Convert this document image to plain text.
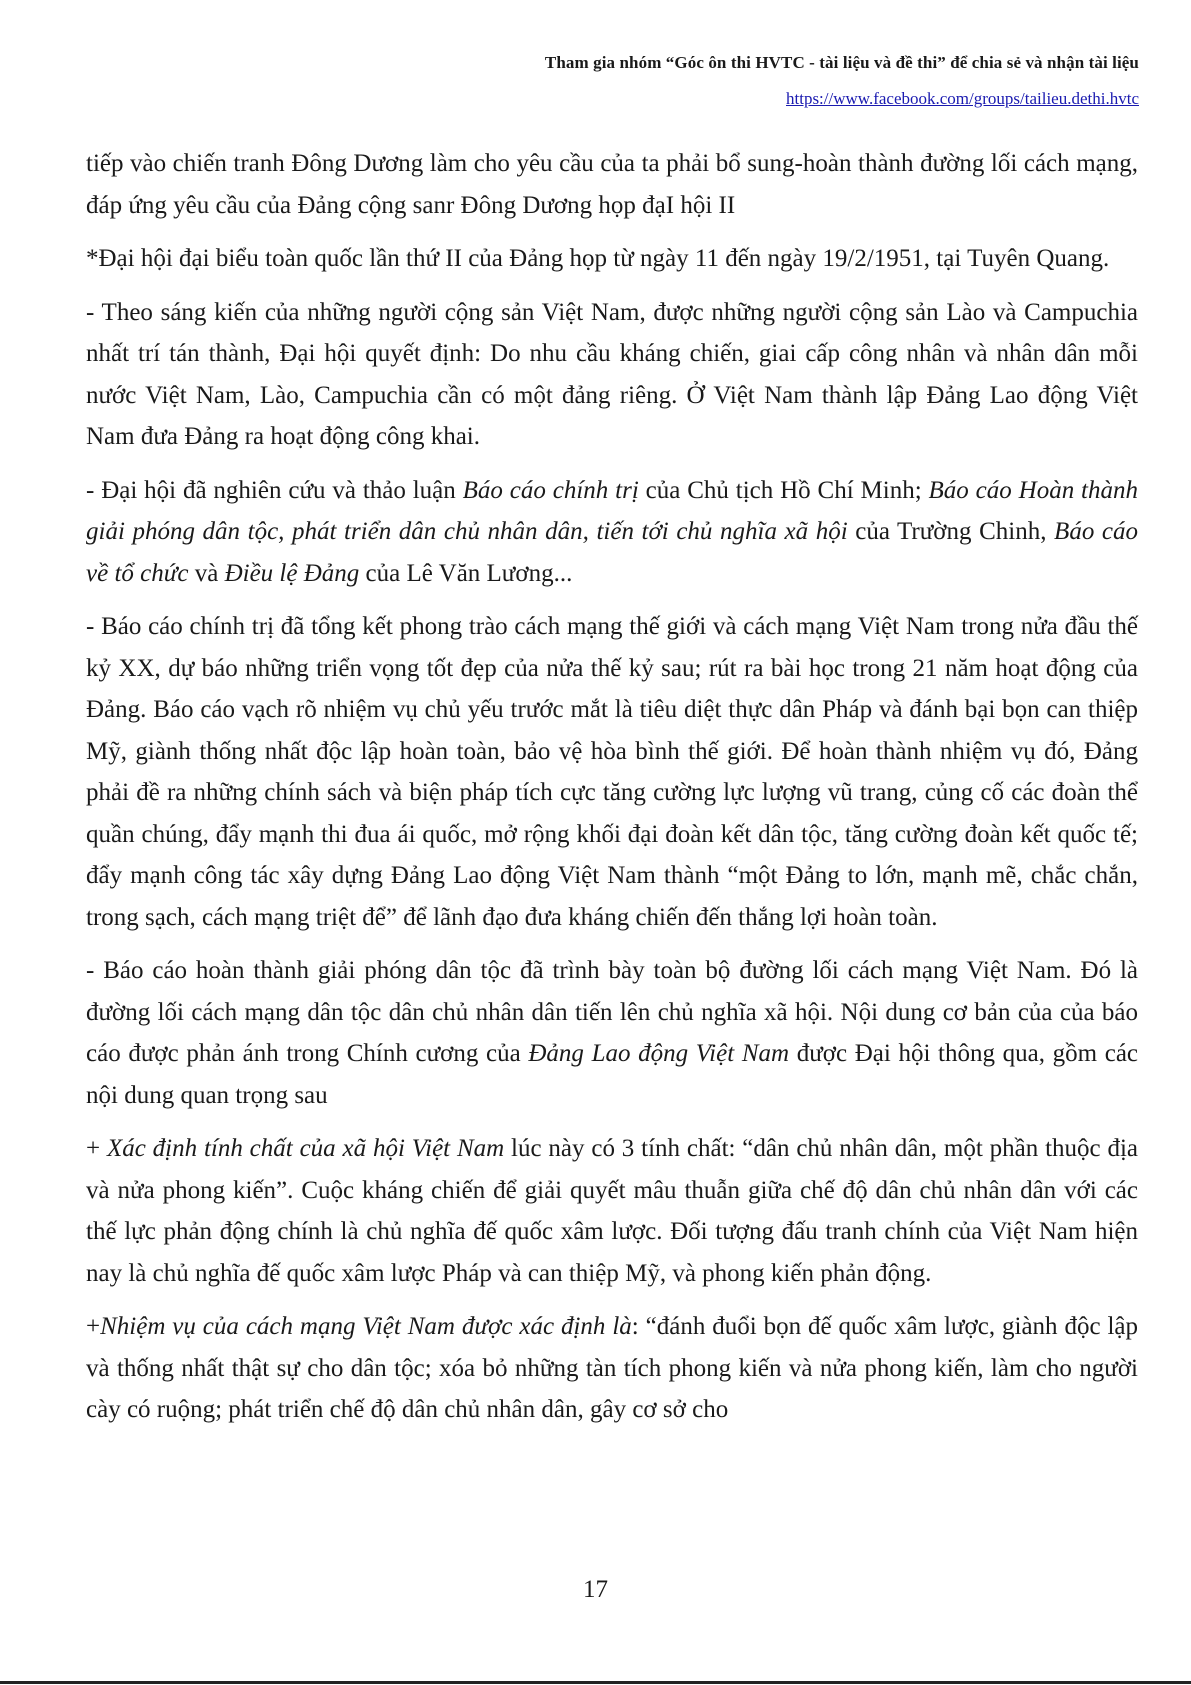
Tham gia nhóm “Góc ôn thi HVTC - tài liệu và đề thi” để chia sẻ và nhận tài liệu
https://www.facebook.com/groups/tailieu.dethi.hvtc

tiếp vào chiến tranh Đông Dương làm cho yêu cầu của ta phải bổ sung-hoàn thành đường lối cách mạng, đáp ứng yêu cầu của Đảng cộng sanr Đông Dương họp đạI hội II

*Đại hội đại biểu toàn quốc lần thứ II của Đảng họp từ ngày 11 đến ngày 19/2/1951, tại Tuyên Quang.

- Theo sáng kiến của những người cộng sản Việt Nam, được những người cộng sản Lào và Campuchia nhất trí tán thành, Đại hội quyết định: Do nhu cầu kháng chiến, giai cấp công nhân và nhân dân mỗi nước Việt Nam, Lào, Campuchia cần có một đảng riêng. Ở Việt Nam thành lập Đảng Lao động Việt Nam đưa Đảng ra hoạt động công khai.

- Đại hội đã nghiên cứu và thảo luận Báo cáo chính trị của Chủ tịch Hồ Chí Minh; Báo cáo Hoàn thành giải phóng dân tộc, phát triển dân chủ nhân dân, tiến tới chủ nghĩa xã hội của Trường Chinh, Báo cáo về tổ chức và Điều lệ Đảng của Lê Văn Lương...

- Báo cáo chính trị đã tổng kết phong trào cách mạng thế giới và cách mạng Việt Nam trong nửa đầu thế kỷ XX, dự báo những triển vọng tốt đẹp của nửa thế kỷ sau; rút ra bài học trong 21 năm hoạt động của Đảng. Báo cáo vạch rõ nhiệm vụ chủ yếu trước mắt là tiêu diệt thực dân Pháp và đánh bại bọn can thiệp Mỹ, giành thống nhất độc lập hoàn toàn, bảo vệ hòa bình thế giới. Để hoàn thành nhiệm vụ đó, Đảng phải đề ra những chính sách và biện pháp tích cực tăng cường lực lượng vũ trang, củng cố các đoàn thể quần chúng, đẩy mạnh thi đua ái quốc, mở rộng khối đại đoàn kết dân tộc, tăng cường đoàn kết quốc tế; đẩy mạnh công tác xây dựng Đảng Lao động Việt Nam thành “một Đảng to lớn, mạnh mẽ, chắc chắn, trong sạch, cách mạng triệt để” để lãnh đạo đưa kháng chiến đến thắng lợi hoàn toàn.

- Báo cáo hoàn thành giải phóng dân tộc đã trình bày toàn bộ đường lối cách mạng Việt Nam. Đó là đường lối cách mạng dân tộc dân chủ nhân dân tiến lên chủ nghĩa xã hội. Nội dung cơ bản của của báo cáo được phản ánh trong Chính cương của Đảng Lao động Việt Nam được Đại hội thông qua, gồm các nội dung quan trọng sau

+ Xác định tính chất của xã hội Việt Nam lúc này có 3 tính chất: “dân chủ nhân dân, một phần thuộc địa và nửa phong kiến”. Cuộc kháng chiến để giải quyết mâu thuẫn giữa chế độ dân chủ nhân dân với các thế lực phản động chính là chủ nghĩa đế quốc xâm lược. Đối tượng đấu tranh chính của Việt Nam hiện nay là chủ nghĩa đế quốc xâm lược Pháp và can thiệp Mỹ, và phong kiến phản động.

+Nhiệm vụ của cách mạng Việt Nam được xác định là: “đánh đuổi bọn đế quốc xâm lược, giành độc lập và thống nhất thật sự cho dân tộc; xóa bỏ những tàn tích phong kiến và nửa phong kiến, làm cho người cày có ruộng; phát triển chế độ dân chủ nhân dân, gây cơ sở cho

17
